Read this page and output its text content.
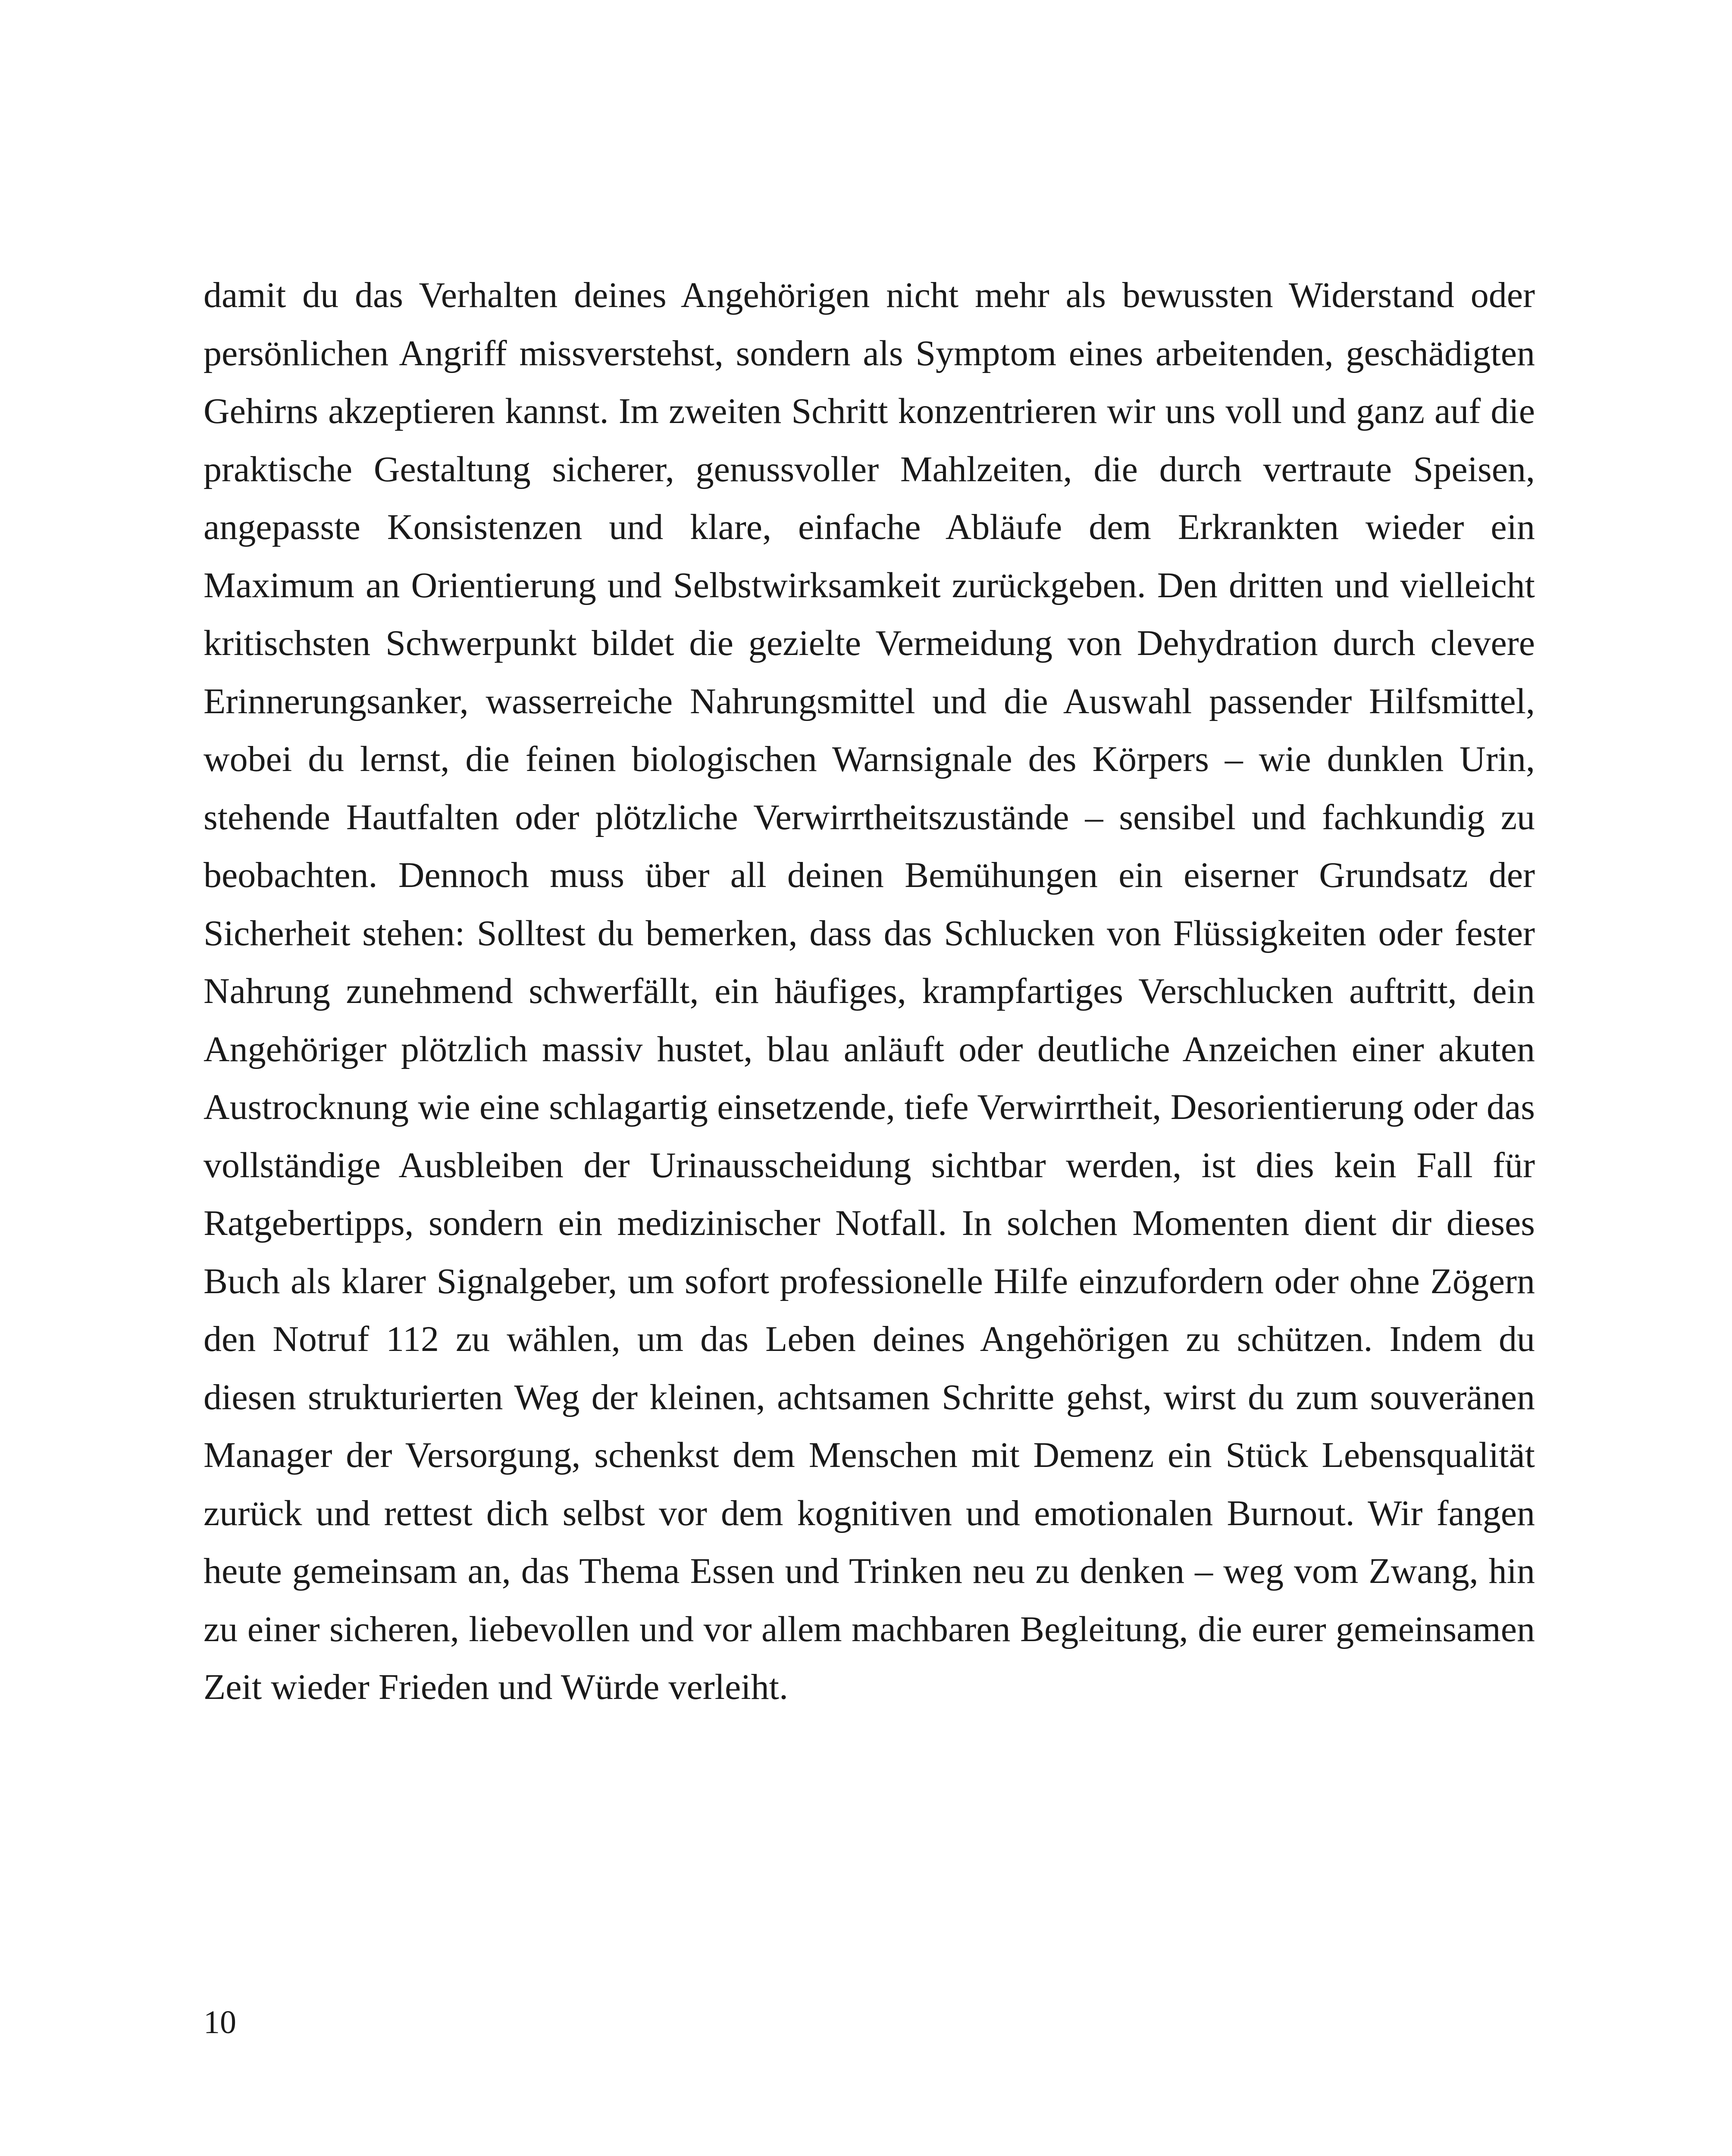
damit du das Verhalten deines Angehörigen nicht mehr als bewussten Widerstand oder persönlichen Angriff missverstehst, sondern als Symptom eines arbeitenden, geschädigten Gehirns akzeptieren kannst. Im zweiten Schritt konzentrieren wir uns voll und ganz auf die praktische Gestaltung sicherer, genussvoller Mahlzeiten, die durch vertraute Speisen, angepasste Konsistenzen und klare, einfache Abläufe dem Erkrankten wieder ein Maximum an Orientierung und Selbstwirksamkeit zurückgeben. Den dritten und vielleicht kritischsten Schwerpunkt bildet die gezielte Vermeidung von Dehydration durch clevere Erinnerungsanker, wasserreiche Nahrungsmittel und die Auswahl passender Hilfsmittel, wobei du lernst, die feinen biologischen Warnsignale des Körpers – wie dunklen Urin, stehende Hautfalten oder plötzliche Verwirrtheitszustände – sensibel und fachkundig zu beobachten. Dennoch muss über all deinen Bemühungen ein eiserner Grundsatz der Sicherheit stehen: Solltest du bemerken, dass das Schlucken von Flüssigkeiten oder fester Nahrung zunehmend schwerfällt, ein häufiges, krampfartiges Verschlucken auftritt, dein Angehöriger plötzlich massiv hustet, blau anläuft oder deutliche Anzeichen einer akuten Austrocknung wie eine schlagartig einsetzende, tiefe Verwirrtheit, Desorientierung oder das vollständige Ausbleiben der Urinausscheidung sichtbar werden, ist dies kein Fall für Ratgebertipps, sondern ein medizinischer Notfall. In solchen Momenten dient dir dieses Buch als klarer Signalgeber, um sofort professionelle Hilfe einzufordern oder ohne Zögern den Notruf 112 zu wählen, um das Leben deines Angehörigen zu schützen. Indem du diesen strukturierten Weg der kleinen, achtsamen Schritte gehst, wirst du zum souveränen Manager der Versorgung, schenkst dem Menschen mit Demenz ein Stück Lebensqualität zurück und rettest dich selbst vor dem kognitiven und emotionalen Burnout. Wir fangen heute gemeinsam an, das Thema Essen und Trinken neu zu denken – weg vom Zwang, hin zu einer sicheren, liebevollen und vor allem machbaren Begleitung, die eurer gemeinsamen Zeit wieder Frieden und Würde verleiht.

10
